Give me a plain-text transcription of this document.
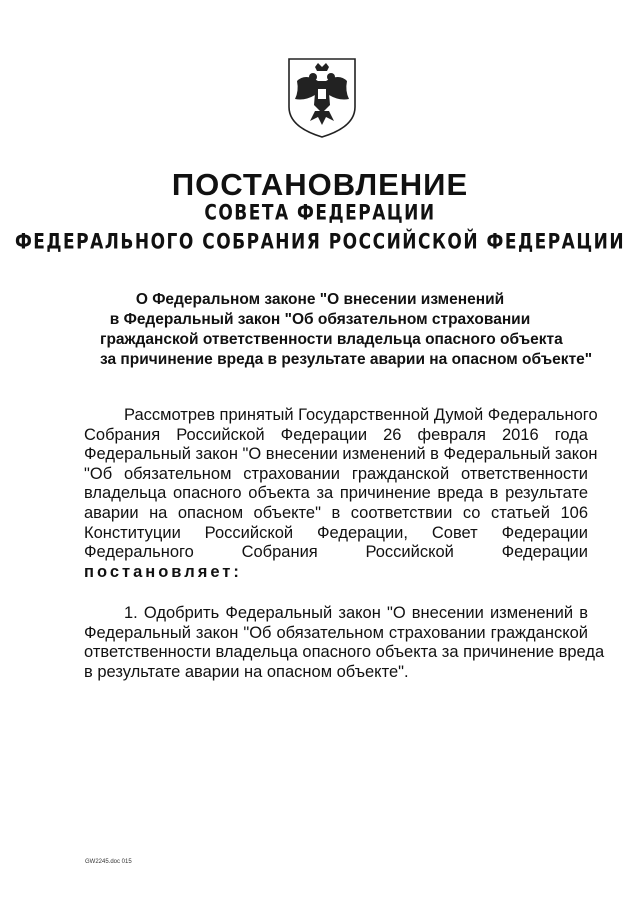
ПОСТАНОВЛЕНИЕ
СОВЕТА ФЕДЕРАЦИИ
ФЕДЕРАЛЬНОГО СОБРАНИЯ РОССИЙСКОЙ ФЕДЕРАЦИИ
О Федеральном законе "О внесении изменений
в Федеральный закон "Об обязательном страховании
гражданской ответственности владельца опасного объекта
за причинение вреда в результате аварии на опасном объекте"
Рассмотрев принятый Государственной Думой Федерального
Собрания Российской Федерации 26 февраля 2016 года
Федеральный закон "О внесении изменений в Федеральный закон
"Об обязательном страховании гражданской ответственности
владельца опасного объекта за причинение вреда в результате
аварии на опасном объекте" в соответствии со статьей 106
Конституции Российской Федерации, Совет Федерации
Федерального Собрания Российской Федерации
постановляет:
1. Одобрить Федеральный закон "О внесении изменений в
Федеральный закон "Об обязательном страховании гражданской
ответственности владельца опасного объекта за причинение вреда
в результате аварии на опасном объекте".
GW2245.doc 015
